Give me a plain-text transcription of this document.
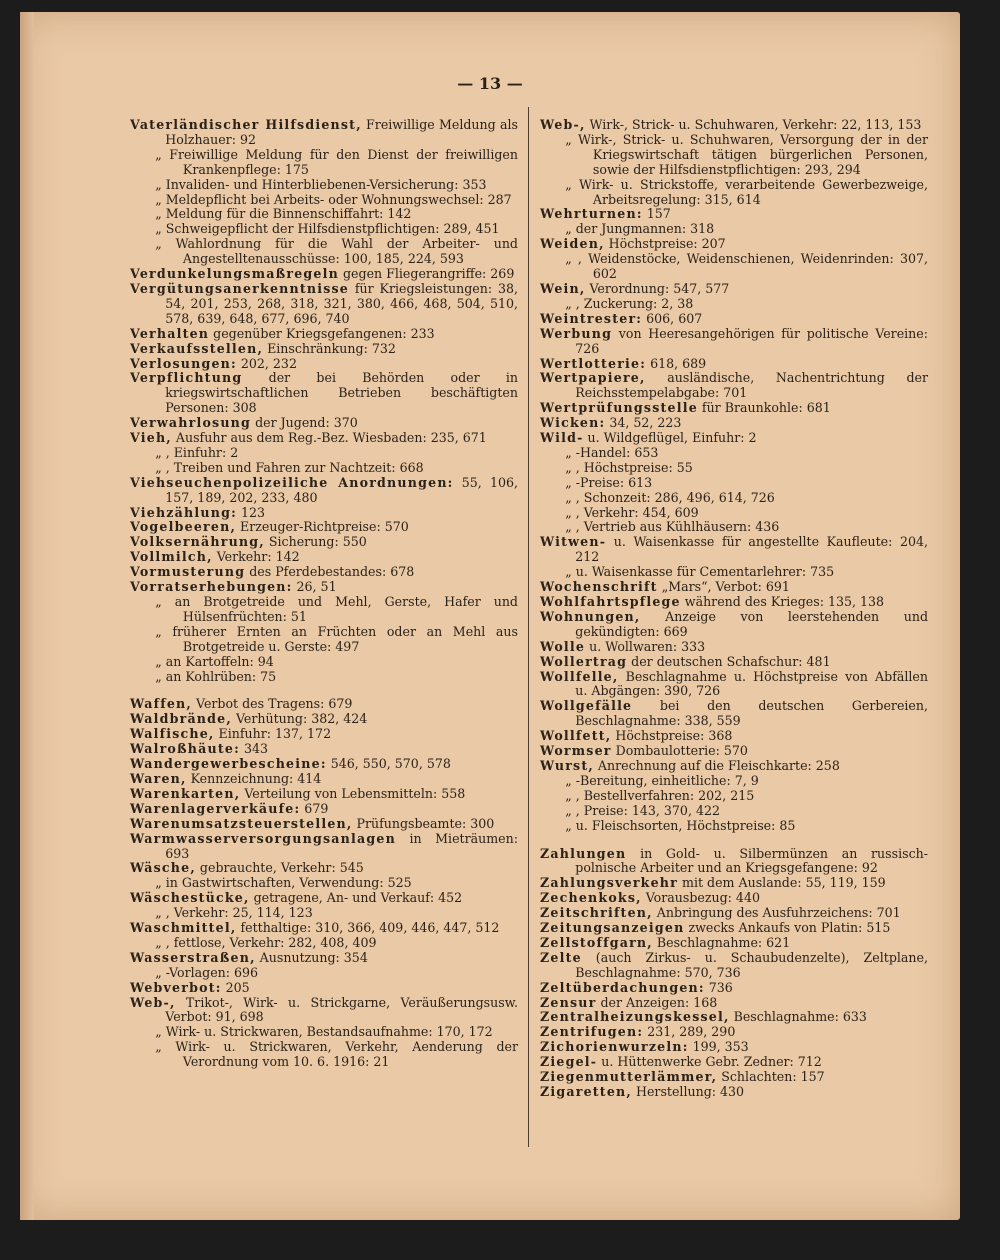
— 13 —
Vaterländischer Hilfsdienst, Freiwillige Meldung als Holzhauer: 92
„ Freiwillige Meldung für den Dienst der freiwilligen Krankenpflege: 175
„ Invaliden- und Hinterbliebenen-Versicherung: 353
„ Meldepflicht bei Arbeits- oder Wohnungswechsel: 287
„ Meldung für die Binnenschiffahrt: 142
„ Schweigepflicht der Hilfsdienstpflichtigen: 289, 451
„ Wahlordnung für die Wahl der Arbeiter- und Angestelltenausschüsse: 100, 185, 224, 593
Verdunkelungsmaßregeln gegen Fliegerangriffe: 269
Vergütungsanerkenntnisse für Kriegsleistungen: 38, 54, 201, 253, 268, 318, 321, 380, 466, 468, 504, 510, 578, 639, 648, 677, 696, 740
Verhalten gegenüber Kriegsgefangenen: 233
Verkaufsstellen, Einschränkung: 732
Verlosungen: 202, 232
Verpflichtung der bei Behörden oder in kriegswirtschaftlichen Betrieben beschäftigten Personen: 308
Verwahrlosung der Jugend: 370
Vieh, Ausfuhr aus dem Reg.-Bez. Wiesbaden: 235, 671
„ , Einfuhr: 2
„ , Treiben und Fahren zur Nachtzeit: 668
Viehseuchenpolizeiliche Anordnungen: 55, 106, 157, 189, 202, 233, 480
Viehzählung: 123
Vogelbeeren, Erzeuger-Richtpreise: 570
Volksernährung, Sicherung: 550
Vollmilch, Verkehr: 142
Vormusterung des Pferdebestandes: 678
Vorratserhebungen: 26, 51
„ an Brotgetreide und Mehl, Gerste, Hafer und Hülsenfrüchten: 51
„ früherer Ernten an Früchten oder an Mehl aus Brotgetreide u. Gerste: 497
„ an Kartoffeln: 94
„ an Kohlrüben: 75
Waffen, Verbot des Tragens: 679
Waldbrände, Verhütung: 382, 424
Walfische, Einfuhr: 137, 172
Walroßhäute: 343
Wandergewerbescheine: 546, 550, 570, 578
Waren, Kennzeichnung: 414
Warenkarten, Verteilung von Lebensmitteln: 558
Warenlagerverkäufe: 679
Warenumsatzsteuerstellen, Prüfungsbeamte: 300
Warmwasserversorgungsanlagen in Mieträumen: 693
Wäsche, gebrauchte, Verkehr: 545
„ in Gastwirtschaften, Verwendung: 525
Wäschestücke, getragene, An- und Verkauf: 452
„ , Verkehr: 25, 114, 123
Waschmittel, fetthaltige: 310, 366, 409, 446, 447, 512
„ , fettlose, Verkehr: 282, 408, 409
Wasserstraßen, Ausnutzung: 354
„ -Vorlagen: 696
Webverbot: 205
Web-, Trikot-, Wirk- u. Strickgarne, Veräußerungsusw. Verbot: 91, 698
„ Wirk- u. Strickwaren, Bestandsaufnahme: 170, 172
„ Wirk- u. Strickwaren, Verkehr, Aenderung der Verordnung vom 10. 6. 1916: 21
Web-, Wirk-, Strick- u. Schuhwaren, Verkehr: 22, 113, 153
„ Wirk-, Strick- u. Schuhwaren, Versorgung der in der Kriegswirtschaft tätigen bürgerlichen Personen, sowie der Hilfsdienstpflichtigen: 293, 294
„ Wirk- u. Strickstoffe, verarbeitende Gewerbezweige, Arbeitsregelung: 315, 614
Wehrturnen: 157
„ der Jungmannen: 318
Weiden, Höchstpreise: 207
„ , Weidenstöcke, Weidenschienen, Weidenrinden: 307, 602
Wein, Verordnung: 547, 577
„ , Zuckerung: 2, 38
Weintrester: 606, 607
Werbung von Heeresangehörigen für politische Vereine: 726
Wertlotterie: 618, 689
Wertpapiere, ausländische, Nachentrichtung der Reichsstempelabgabe: 701
Wertprüfungsstelle für Braunkohle: 681
Wicken: 34, 52, 223
Wild- u. Wildgeflügel, Einfuhr: 2
„ -Handel: 653
„ , Höchstpreise: 55
„ -Preise: 613
„ , Schonzeit: 286, 496, 614, 726
„ , Verkehr: 454, 609
„ , Vertrieb aus Kühlhäusern: 436
Witwen- u. Waisenkasse für angestellte Kaufleute: 204, 212
„ u. Waisenkasse für Cementarlehrer: 735
Wochenschrift „Mars“, Verbot: 691
Wohlfahrtspflege während des Krieges: 135, 138
Wohnungen, Anzeige von leerstehenden und gekündigten: 669
Wolle u. Wollwaren: 333
Wollertrag der deutschen Schafschur: 481
Wollfelle, Beschlagnahme u. Höchstpreise von Abfällen u. Abgängen: 390, 726
Wollgefälle bei den deutschen Gerbereien, Beschlagnahme: 338, 559
Wollfett, Höchstpreise: 368
Wormser Dombaulotterie: 570
Wurst, Anrechnung auf die Fleischkarte: 258
„ -Bereitung, einheitliche: 7, 9
„ , Bestellverfahren: 202, 215
„ , Preise: 143, 370, 422
„ u. Fleischsorten, Höchstpreise: 85
Zahlungen in Gold- u. Silbermünzen an russisch-polnische Arbeiter und an Kriegsgefangene: 92
Zahlungsverkehr mit dem Auslande: 55, 119, 159
Zechenkoks, Vorausbezug: 440
Zeitschriften, Anbringung des Ausfuhrzeichens: 701
Zeitungsanzeigen zwecks Ankaufs von Platin: 515
Zellstoffgarn, Beschlagnahme: 621
Zelte (auch Zirkus- u. Schaubudenzelte), Zeltplane, Beschlagnahme: 570, 736
Zeltüberdachungen: 736
Zensur der Anzeigen: 168
Zentralheizungskessel, Beschlagnahme: 633
Zentrifugen: 231, 289, 290
Zichorienwurzeln: 199, 353
Ziegel- u. Hüttenwerke Gebr. Zedner: 712
Ziegenmutterlämmer, Schlachten: 157
Zigaretten, Herstellung: 430
